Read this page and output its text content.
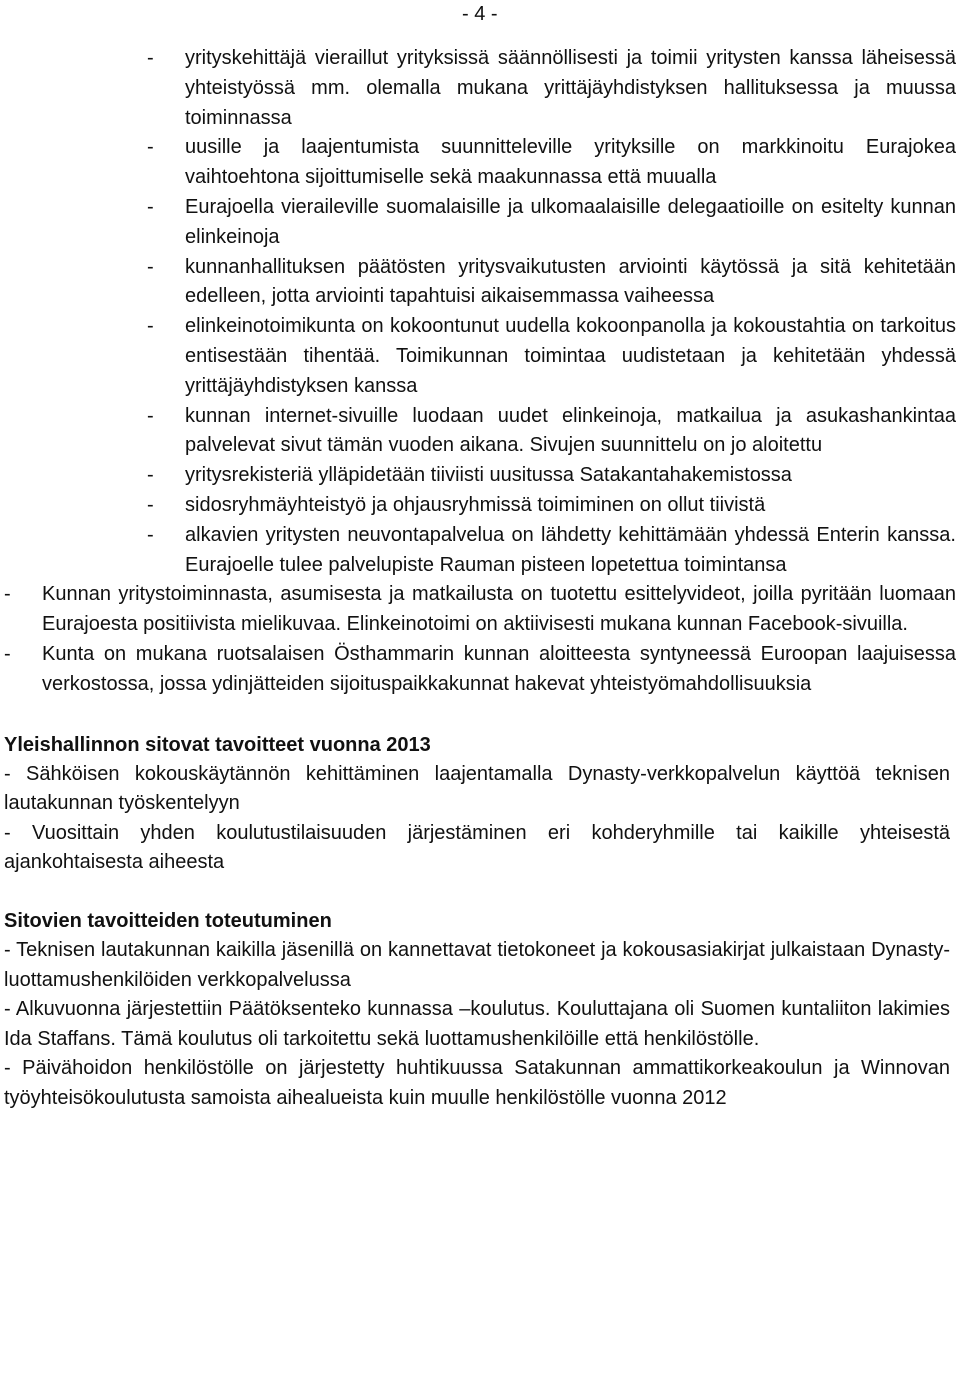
- 4 -
-	yrityskehittäjä vieraillut yrityksissä säännöllisesti ja toimii yritysten kanssa läheisessä yhteistyössä mm. olemalla mukana yrittäjäyhdistyksen hallituksessa ja muussa toiminnassa
-	uusille ja laajentumista suunnitteleville yrityksille on markkinoitu Eurajokea vaihtoehtona sijoittumiselle sekä maakunnassa että muualla
-	Eurajoella vieraileville suomalaisille ja ulkomaalaisille delegaatioille on esitelty kunnan elinkeinoja
-	kunnanhallituksen päätösten yritysvaikutusten arviointi käytössä ja sitä kehitetään edelleen, jotta arviointi tapahtuisi aikaisemmassa vaiheessa
-	elinkeinotoimikunta on kokoontunut uudella kokoonpanolla ja kokoustahtia on tarkoitus entisestään tihentää. Toimikunnan toimintaa uudistetaan ja kehitetään yhdessä yrittäjäyhdistyksen kanssa
-	kunnan internet-sivuille luodaan uudet elinkeinoja, matkailua ja asukashankintaa palvelevat sivut tämän vuoden aikana. Sivujen suunnittelu on jo aloitettu
-	yritysrekisteriä ylläpidetään tiiviisti uusitussa Satakantahakemistossa
-	sidosryhmäyhteistyö ja ohjausryhmissä toimiminen on ollut tiivistä
-	alkavien yritysten neuvontapalvelua on lähdetty kehittämään yhdessä Enterin kanssa. Eurajoelle tulee palvelupiste Rauman pisteen lopetettua toimintansa
-	Kunnan yritystoiminnasta, asumisesta ja matkailusta on tuotettu esittelyvideot, joilla pyritään luomaan Eurajoesta positiivista mielikuvaa. Elinkeinotoimi on aktiivisesti mukana kunnan Facebook-sivuilla.
-	Kunta on mukana ruotsalaisen Östhammarin kunnan aloitteesta syntyneessä Euroopan laajuisessa verkostossa, jossa ydinjätteiden sijoituspaikkakunnat hakevat yhteistyömahdollisuuksia
Yleishallinnon sitovat tavoitteet vuonna 2013
- Sähköisen kokouskäytännön kehittäminen laajentamalla Dynasty-verkkopalvelun käyttöä teknisen lautakunnan työskentelyyn
- Vuosittain yhden koulutustilaisuuden järjestäminen eri kohderyhmille tai kaikille yhteisestä ajankohtaisesta aiheesta
Sitovien tavoitteiden toteutuminen
- Teknisen lautakunnan kaikilla jäsenillä on kannettavat tietokoneet ja kokousasiakirjat julkaistaan Dynasty-luottamushenkilöiden verkkopalvelussa
- Alkuvuonna järjestettiin Päätöksenteko kunnassa –koulutus. Kouluttajana oli Suomen kuntaliiton lakimies Ida Staffans. Tämä koulutus oli tarkoitettu sekä luottamushenkilöille että henkilöstölle.
- Päivähoidon henkilöstölle on järjestetty huhtikuussa Satakunnan ammattikorkeakoulun ja Winnovan työyhteisökoulutusta samoista aihealueista kuin muulle henkilöstölle vuonna 2012
